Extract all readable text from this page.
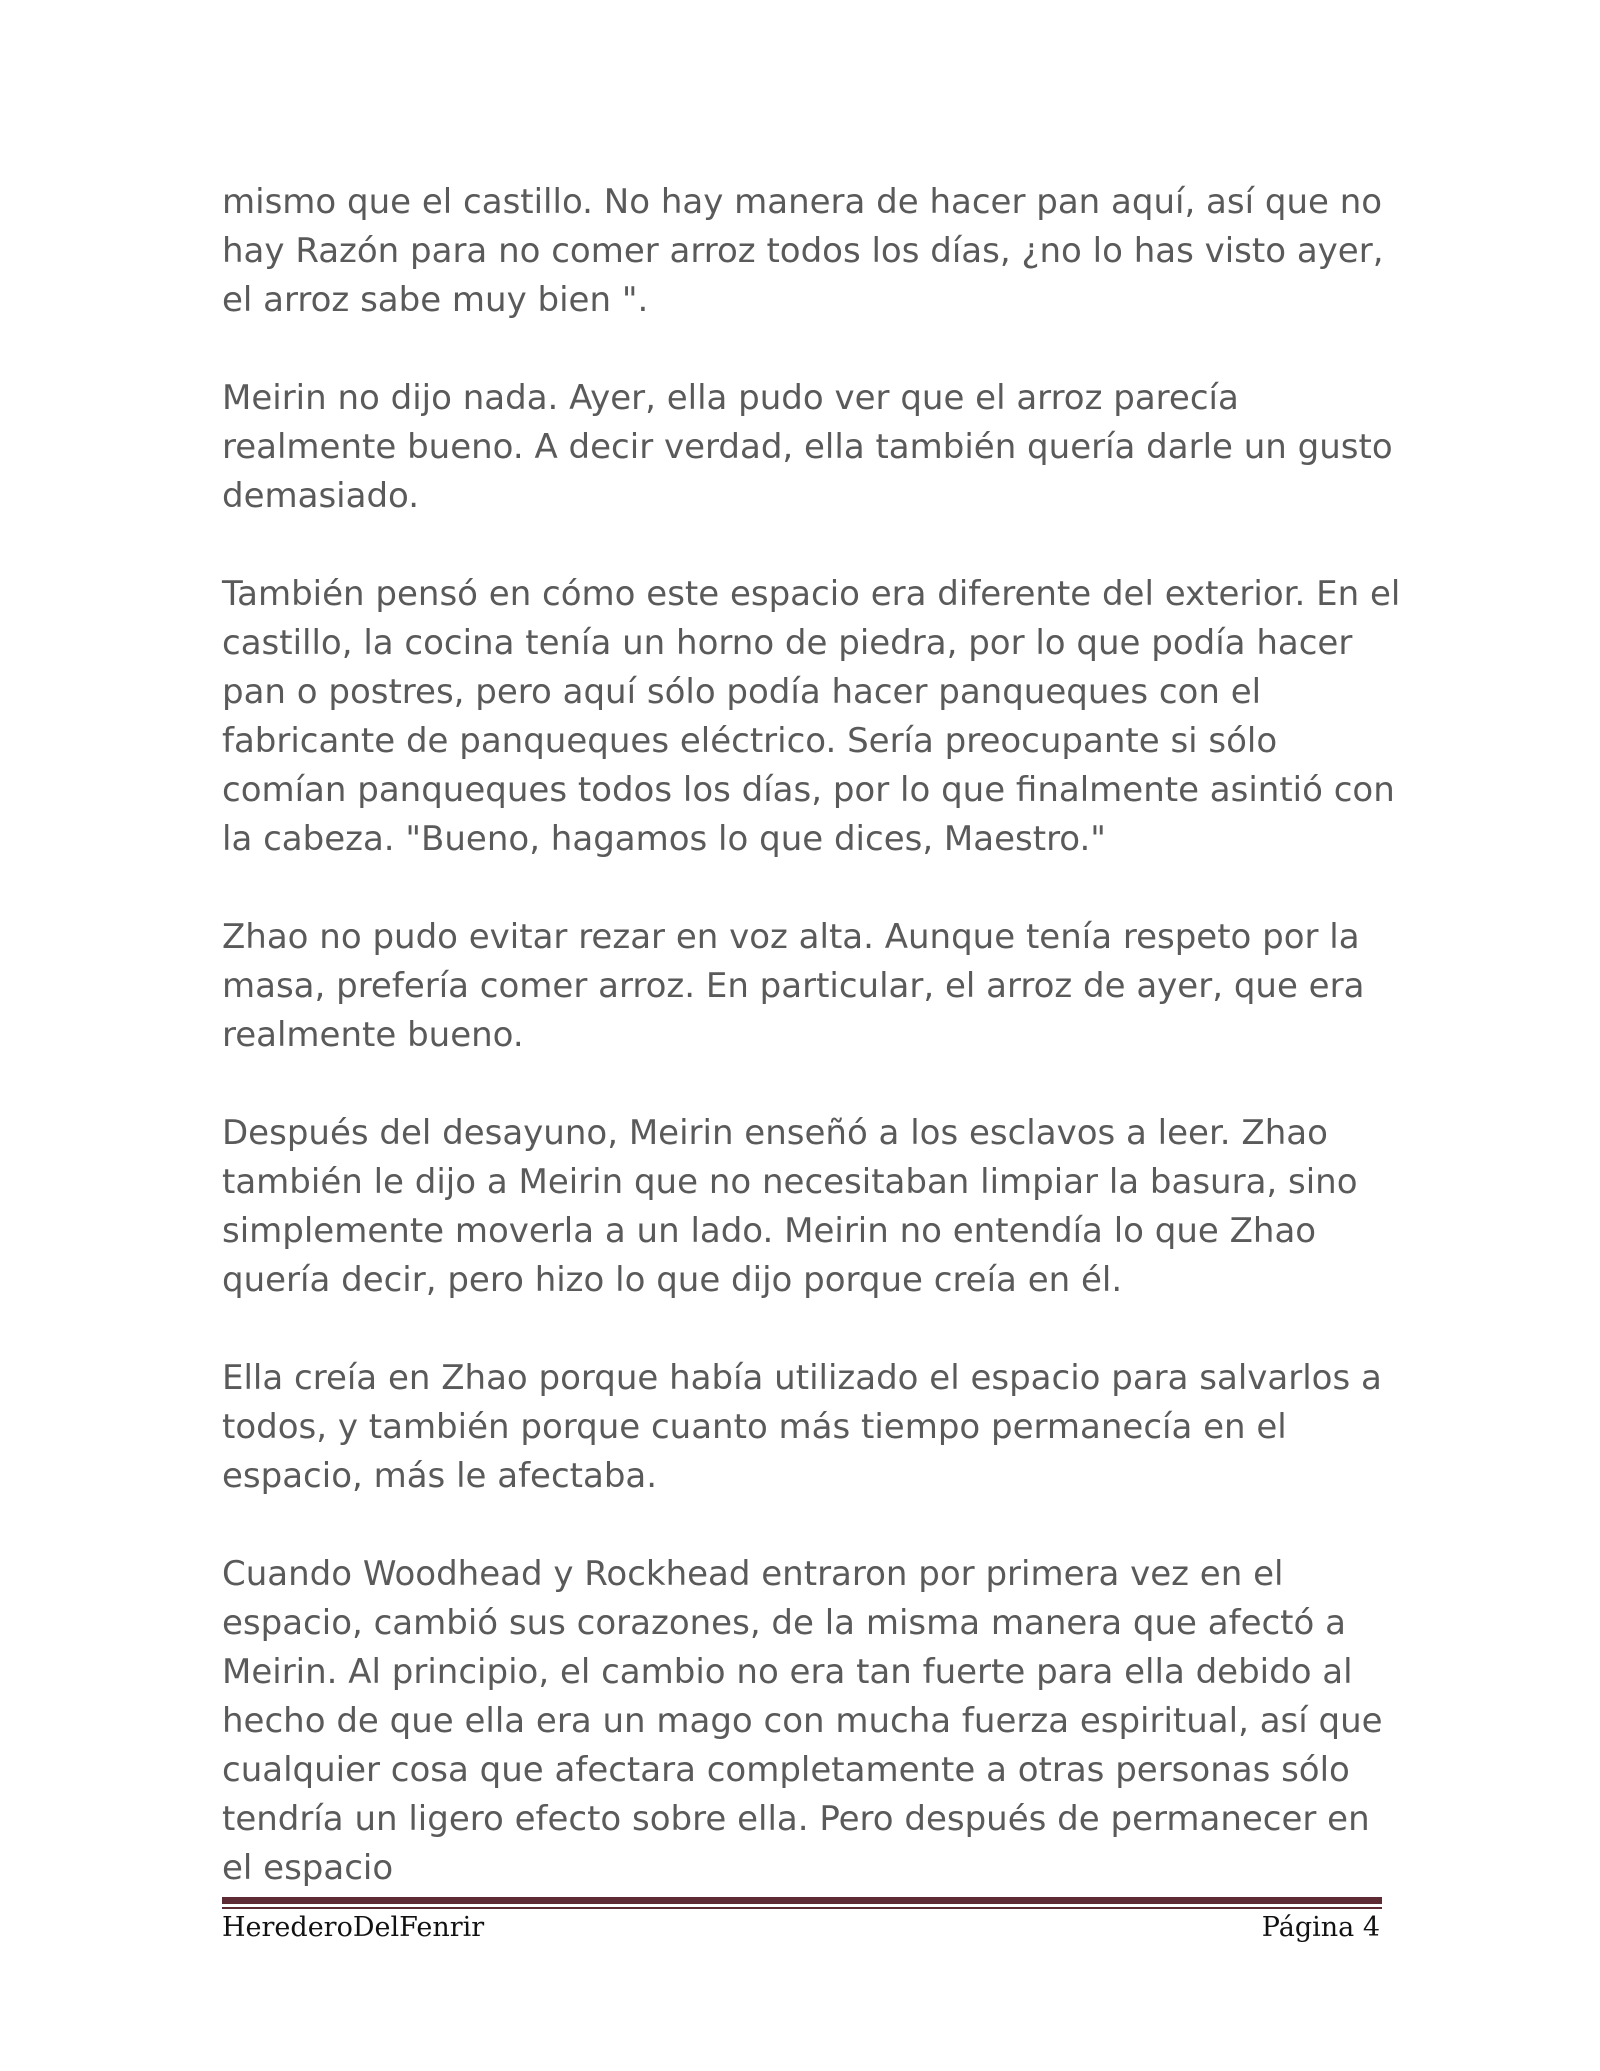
mismo que el castillo. No hay manera de hacer pan aquí, así que no hay Razón para no comer arroz todos los días, ¿no lo has visto ayer, el arroz sabe muy bien ".

Meirin no dijo nada. Ayer, ella pudo ver que el arroz parecía realmente bueno. A decir verdad, ella también quería darle un gusto demasiado.

También pensó en cómo este espacio era diferente del exterior. En el castillo, la cocina tenía un horno de piedra, por lo que podía hacer pan o postres, pero aquí sólo podía hacer panqueques con el fabricante de panqueques eléctrico. Sería preocupante si sólo comían panqueques todos los días, por lo que finalmente asintió con la cabeza. "Bueno, hagamos lo que dices, Maestro."

Zhao no pudo evitar rezar en voz alta. Aunque tenía respeto por la masa, prefería comer arroz. En particular, el arroz de ayer, que era realmente bueno.

Después del desayuno, Meirin enseñó a los esclavos a leer. Zhao también le dijo a Meirin que no necesitaban limpiar la basura, sino simplemente moverla a un lado. Meirin no entendía lo que Zhao quería decir, pero hizo lo que dijo porque creía en él.

Ella creía en Zhao porque había utilizado el espacio para salvarlos a todos, y también porque cuanto más tiempo permanecía en el espacio, más le afectaba.

Cuando Woodhead y Rockhead entraron por primera vez en el espacio, cambió sus corazones, de la misma manera que afectó a Meirin. Al principio, el cambio no era tan fuerte para ella debido al hecho de que ella era un mago con mucha fuerza espiritual, así que cualquier cosa que afectara completamente a otras personas sólo tendría un ligero efecto sobre ella. Pero después de permanecer en el espacio

HerederoDelFenrir	Página 4
